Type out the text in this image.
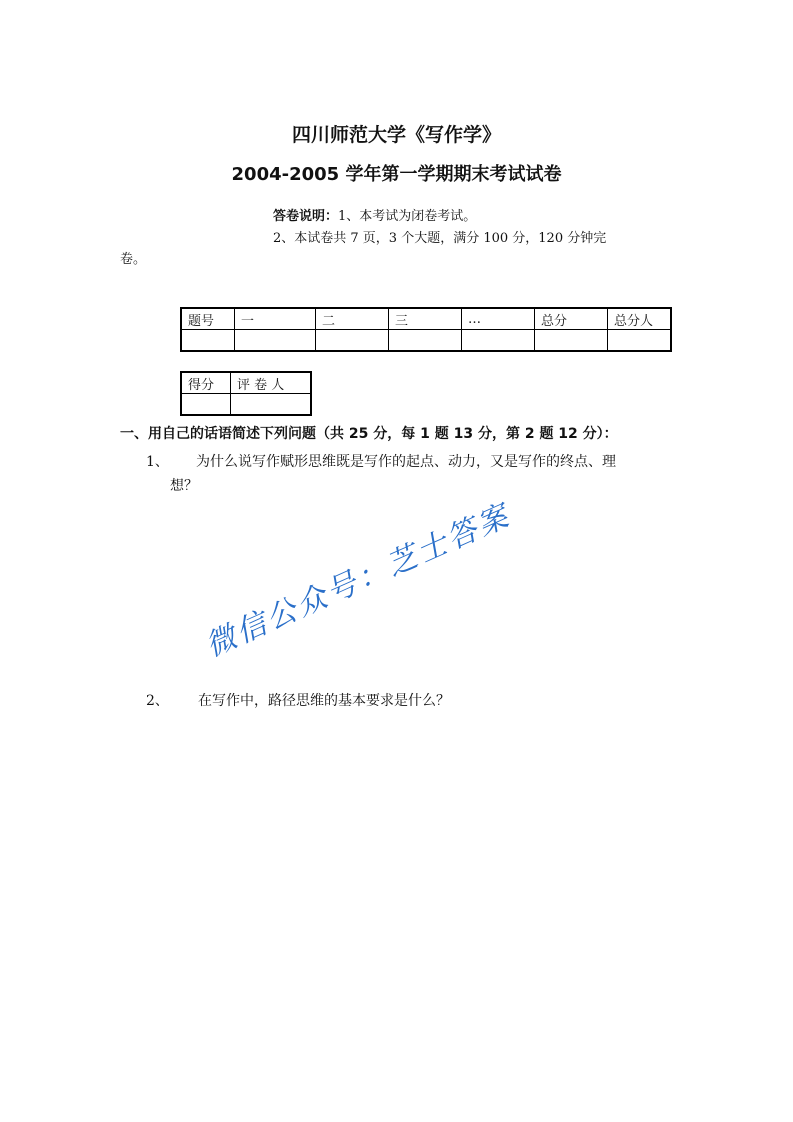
四川师范大学《写作学》
2004-2005 学年第一学期期末考试试卷
答卷说明：1、本考试为闭卷考试。
2、本试卷共 7 页，3 个大题，满分 100 分，120 分钟完
卷。
题号	一	二	三	…	总分	总分人

得分	评 卷 人

一、用自己的话语简述下列问题（共 25 分，每 1 题 13 分，第 2 题 12 分）：
1、 为什么说写作赋形思维既是写作的起点、动力，又是写作的终点、理
想？
2、 在写作中，路径思维的基本要求是什么？
微信公众号：芝士答案
